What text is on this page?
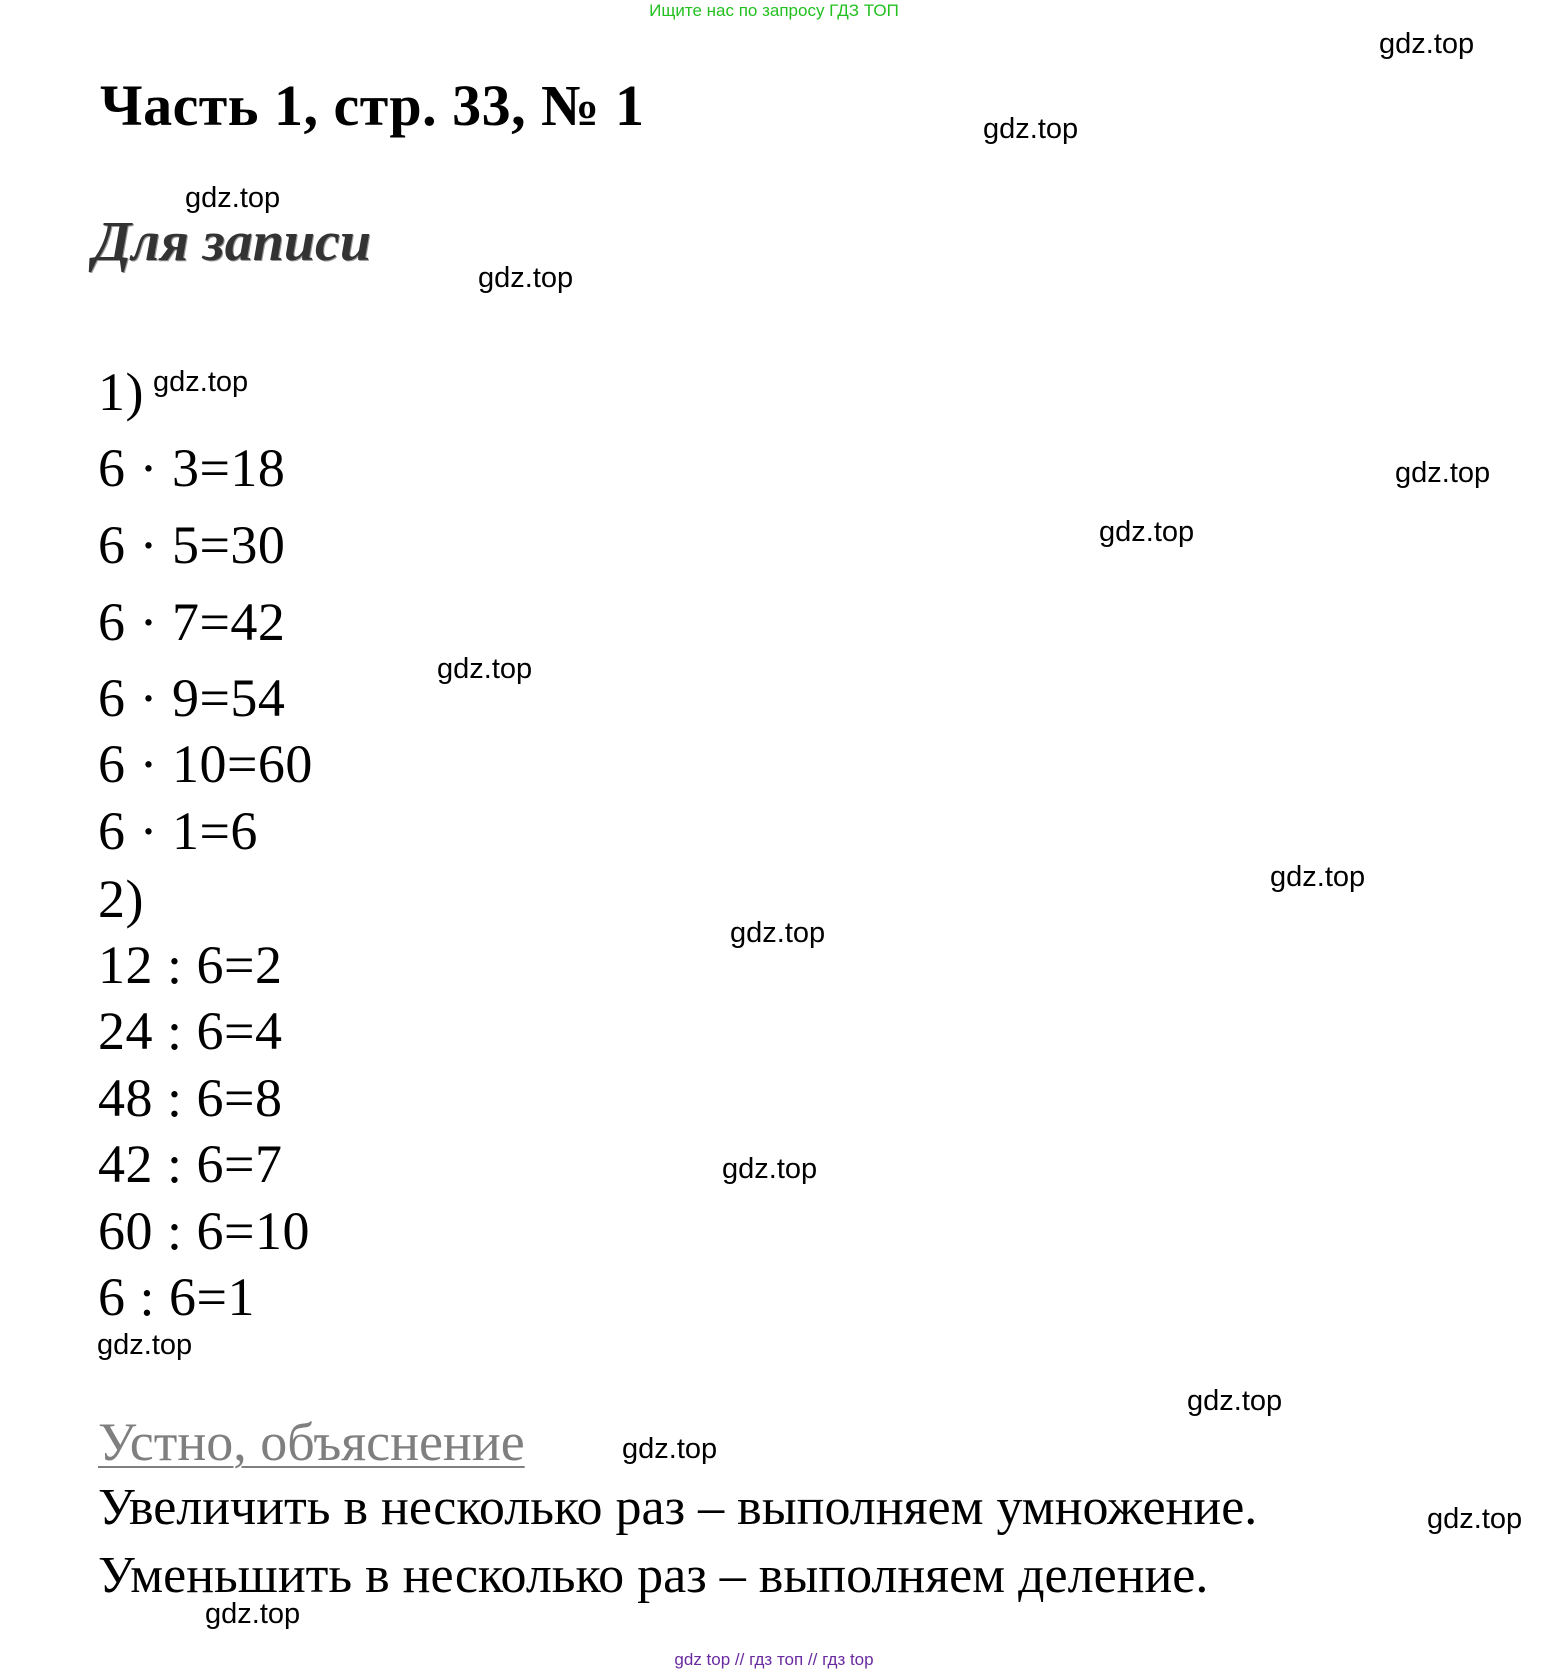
Ищите нас по запросу ГДЗ ТОП
Часть 1, стр. 33, № 1
Для записи
1)
6 · 3=18
6 · 5=30
6 · 7=42
6 · 9=54
6 · 10=60
6 · 1=6
2)
12 : 6=2
24 : 6=4
48 : 6=8
42 : 6=7
60 : 6=10
6 : 6=1
Устно, объяснение
Увеличить в несколько раз – выполняем умножение.
Уменьшить в несколько раз – выполняем деление.
gdz.top
gdz.top
gdz.top
gdz.top
gdz.top
gdz.top
gdz.top
gdz.top
gdz.top
gdz.top
gdz.top
gdz.top
gdz.top
gdz.top
gdz.top
gdz.top
gdz top // гдз топ // гдз top
